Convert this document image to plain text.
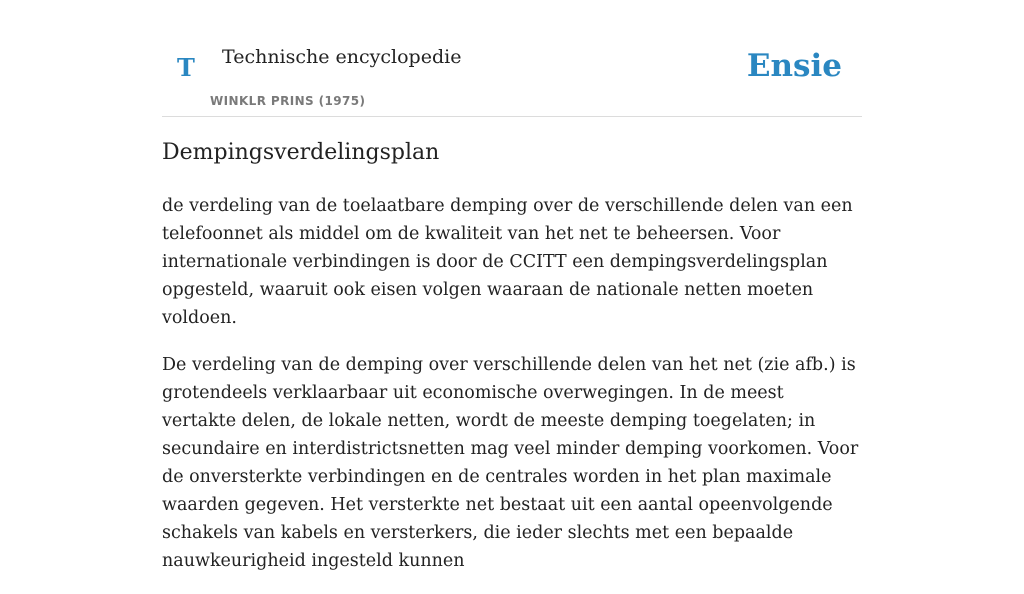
T Technische encyclopedie
WINKLR PRINS (1975)
Ensie
Dempingsverdelingsplan

de verdeling van de toelaatbare demping over de verschillende delen van een telefoonnet als middel om de kwaliteit van het net te beheersen. Voor internationale verbindingen is door de CCITT een dempingsverdelingsplan opgesteld, waaruit ook eisen volgen waaraan de nationale netten moeten voldoen.

De verdeling van de demping over verschillende delen van het net (zie afb.) is grotendeels verklaarbaar uit economische overwegingen. In de meest vertakte delen, de lokale netten, wordt de meeste demping toegelaten; in secundaire en interdistrictsnetten mag veel minder demping voorkomen. Voor de onversterkte verbindingen en de centrales worden in het plan maximale waarden gegeven. Het versterkte net bestaat uit een aantal opeenvolgende schakels van kabels en versterkers, die ieder slechts met een bepaalde nauwkeurigheid ingesteld kunnen
